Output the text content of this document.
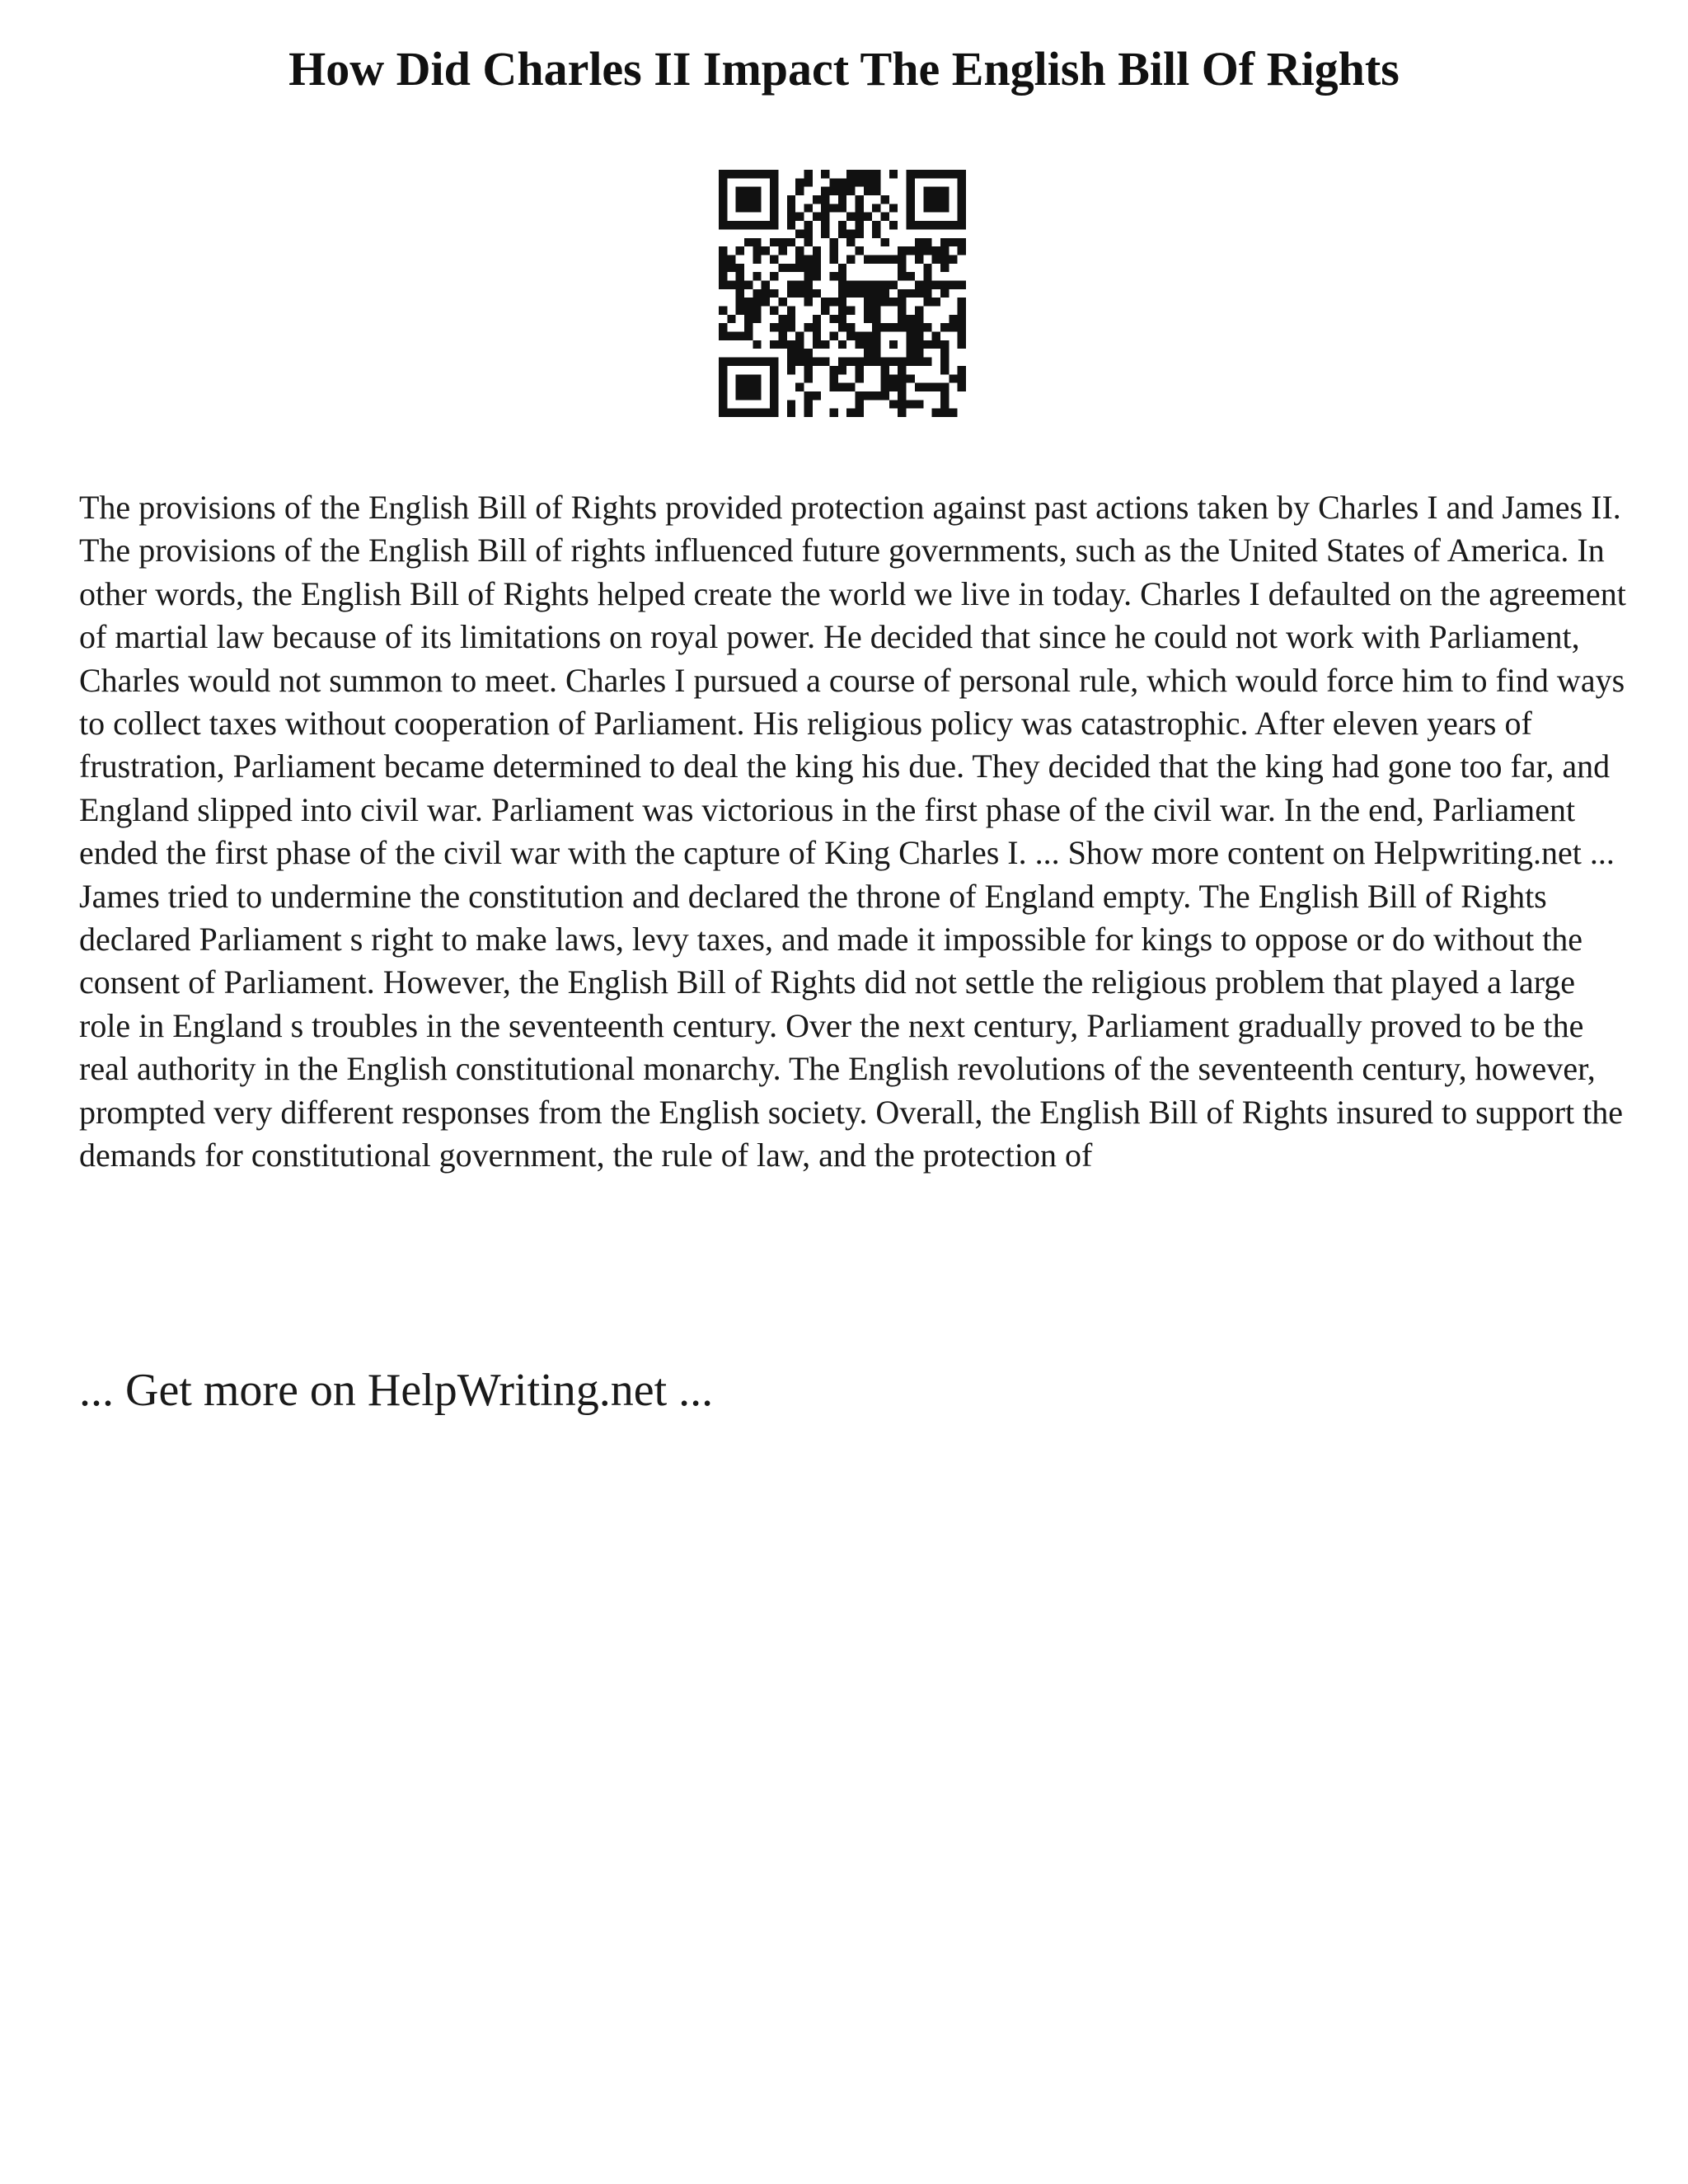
How Did Charles II Impact The English Bill Of Rights

The provisions of the English Bill of Rights provided protection against past actions taken by Charles I and James II. The provisions of the English Bill of rights influenced future governments, such as the United States of America. In other words, the English Bill of Rights helped create the world we live in today. Charles I defaulted on the agreement of martial law because of its limitations on royal power. He decided that since he could not work with Parliament, Charles would not summon to meet. Charles I pursued a course of personal rule, which would force him to find ways to collect taxes without cooperation of Parliament. His religious policy was catastrophic. After eleven years of frustration, Parliament became determined to deal the king his due. They decided that the king had gone too far, and England slipped into civil war. Parliament was victorious in the first phase of the civil war. In the end, Parliament ended the first phase of the civil war with the capture of King Charles I. ... Show more content on Helpwriting.net ...

James tried to undermine the constitution and declared the throne of England empty. The English Bill of Rights declared Parliament s right to make laws, levy taxes, and made it impossible for kings to oppose or do without the consent of Parliament. However, the English Bill of Rights did not settle the religious problem that played a large role in England s troubles in the seventeenth century. Over the next century, Parliament gradually proved to be the real authority in the English constitutional monarchy. The English revolutions of the seventeenth century, however, prompted very different responses from the English society. Overall, the English Bill of Rights insured to support the demands for constitutional government, the rule of law, and the protection of

... Get more on HelpWriting.net ...
